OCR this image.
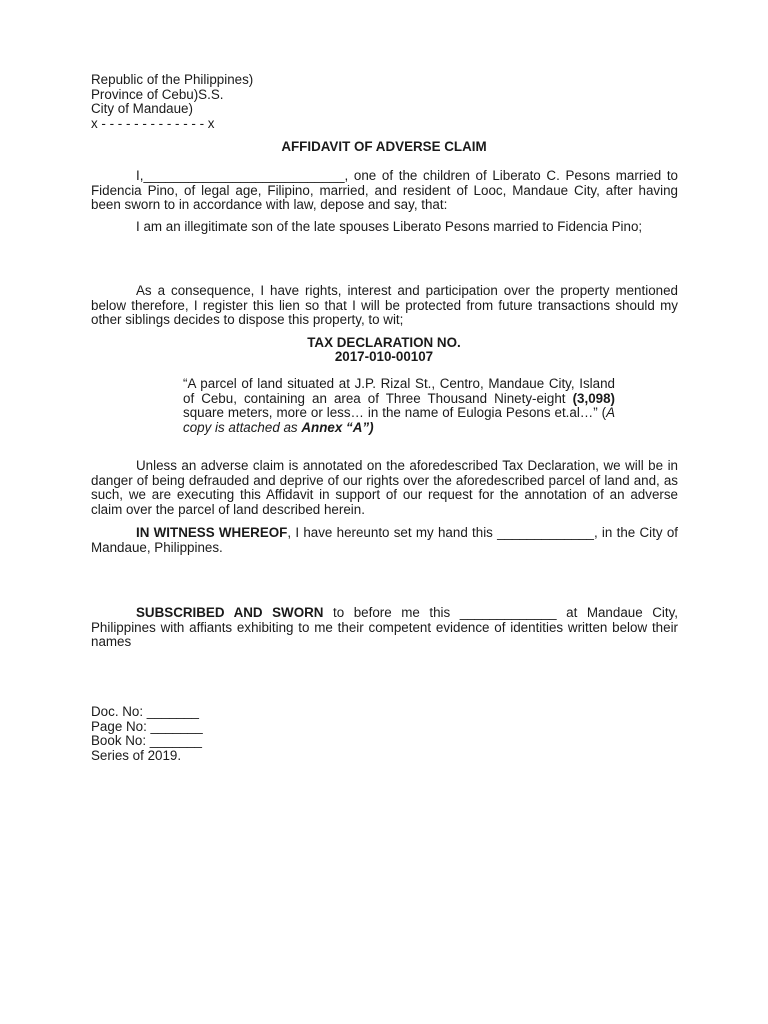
Republic of the Philippines)
Province of Cebu)S.S.
City of Mandaue)
x - - - - - - - - - - - - - x
AFFIDAVIT OF ADVERSE CLAIM

I,___________________________, one of the children of Liberato C. Pesons married to Fidencia Pino, of legal age, Filipino, married, and resident of Looc, Mandaue City, after having been sworn to in accordance with law, depose and say, that:

I am an illegitimate son of the late spouses Liberato Pesons married to Fidencia Pino;

As a consequence, I have rights, interest and participation over the property mentioned below therefore, I register this lien so that I will be protected from future transactions should my other siblings decides to dispose this property, to wit;

TAX DECLARATION NO.
2017-010-00107

“A parcel of land situated at J.P. Rizal St., Centro, Mandaue City, Island of Cebu, containing an area of Three Thousand Ninety-eight (3,098) square meters, more or less… in the name of Eulogia Pesons et.al…” (A copy is attached as Annex “A”)

Unless an adverse claim is annotated on the aforedescribed Tax Declaration, we will be in danger of being defrauded and deprive of our rights over the aforedescribed parcel of land and, as such, we are executing this Affidavit in support of our request for the annotation of an adverse claim over the parcel of land described herein.

IN WITNESS WHEREOF, I have hereunto set my hand this _____________, in the City of Mandaue, Philippines.

SUBSCRIBED AND SWORN to before me this _____________ at Mandaue City, Philippines with affiants exhibiting to me their competent evidence of identities written below their names

Doc. No: _______
Page No: _______
Book No: _______
Series of 2019.
